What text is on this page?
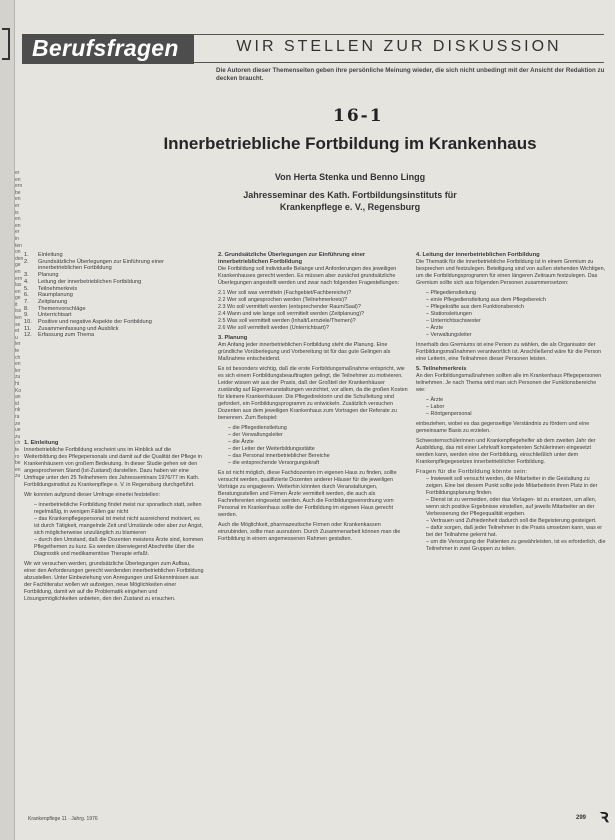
er
en
ern
be
en
er
is
en
en
er
in
ten
on
den
ge
en
ern
las
en
ge
it
iss
ien
se
et
u
ler
te
ch
en
ler
zu
ht
Ko
an
id
nk
ra
ze
ue
zu
ch
te
ro
be
en
zu
Berufsfragen	WIR STELLEN ZUR DISKUSSION
Die Autoren dieser Themenseiten geben ihre persönliche Meinung wieder, die sich nicht unbedingt mit der Ansicht der Redaktion zu decken braucht.
16-1
Innerbetriebliche Fortbildung im Krankenhaus
Von Herta Stenka und Benno Lingg
Jahresseminar des Kath. Fortbildungsinstituts für
Krankenpflege e. V., Regensburg
1.	Einleitung
2.	Grundsätzliche Überlegungen zur Einführung einer innerbetrieblichen Fortbildung
3.	Planung
4.	Leitung der innerbetrieblichen Fortbildung
5.	Teilnehmerkreis
6.	Raumplanung
7.	Zeitplanung
8.	Themenvorschläge
9.	Unterrichtsart
10.	Positive und negative Aspekte der Fortbildung
11.	Zusammenfassung und Ausblick
12.	Erfassung zum Thema
1. Einleitung

Innerbetriebliche Fortbildung erscheint uns im Hinblick auf die Weiterbildung des Pflegepersonals und damit auf die Qualität der Pflege in Krankenhäusern von großem Bedeutung. In dieser Studie gehen wir den angesprochenen Stand (Ist-Zustand) darstellen. Dazu haben wir eine Umfrage unter den 25 Teilnehmern des Jahresseminars 1976/77 im Kath. Fortbildungsinstitut zu Krankenpflege e. V. in Regensburg durchgeführt.

Wir konnten aufgrund dieser Umfrage einerlei feststellen:

– innerbetriebliche Fortbildung findet meist nur sporadisch statt, selten regelmäßig, in wenigen Fällen gar nicht
– das Krankenpflegepersonal ist meist nicht ausreichend motiviert, es ist durch Tätigkeit, mangelnde Zeit und Umstände oder aber zur Angst, sich möglicherweise unzulänglich zu blamieren
– durch den Umstand, daß die Dozenten meistens Ärzte sind, kommen Pflegethemen zu kurz. Es werden überwiegend Abschnitte über die Diagnostik und medikamentöse Therapie erfaßt.

Wir wir versuchen werden, grundsätzliche Überlegungen zum Aufbau, einer den Anforderungen gerecht werdenden innerbetrieblichen Fortbildung abzustellen. Unter Einbeziehung von Anregungen und Erkenntnissen aus der Fachliteratur wollen wir aufzeigen, neue Möglichkeiten einer Fortbildung, damit wir auf die Problematik eingehen und Lösungsmöglichkeiten anbieten, den den Zustand zu ersuchen.

2. Grundsätzliche Überlegungen zur Einführung einer innerbetrieblichen Fortbildung

Die Fortbildung soll individuelle Belange und Anforderungen des jeweiligen Krankenhauses gerecht werden. Es müssen aber zunächst grundsätzliche Überlegungen angestellt werden und zwar nach folgenden Fragestellungen:

2.1 Wer soll was vermitteln (Fachgebiet/Fachbereiche)?
2.2 Wer soll angesprochen werden (Teilnehmerkreis)?
2.3 Wo soll vermittelt werden (entsprechender Raum/Saal)?
2.4 Wann und wie lange soll vermittelt werden (Zeitplanung)?
2.5 Was soll vermittelt werden (Inhalt/Lernziele/Themen)?
2.6 Wie soll vermittelt werden (Unterrichtsart)?
3. Planung

Am Anfang jeder innerbetrieblichen Fortbildung steht die Planung. Eine gründliche Vorüberlegung und Vorbereitung ist für das gute Gelingen als Maßnahme entscheidend.

Es ist besonders wichtig, daß die erste Fortbildungsmaßnahme entspricht, wie es sich einem Fortbildungsbeauftragten gelingt, die Teilnehmer zu motivieren. Leider wissen wir aus der Praxis, daß der Großteil der Krankenhäuser zuständig auf Eigenveranstaltungen verzichtet, vor allem, da die großen Kosten für kleinere Krankenhäuser. Die Pflegedirektorin und die Schulleitung sind gefordert, ein Fortbildungsprogramm zu entwickeln. Zusätzlich versuchen Dozenten aus dem jeweiligen Krankenhaus zum Vortragen der Referate zu benennen. Zum Beispiel:

– die Pflegedienstleitung
– der Verwaltungsleiter
– die Ärzte
– der Leiter der Weiterbildungsstätte
– das Personal innerbetrieblicher Bereiche
– die entsprechende Versorgungskraft

Es ist nicht möglich, diese Fachdozenten im eigenen Haus zu finden, sollte versucht werden, qualifizierte Dozenten anderer Häuser für die jeweiligen Vorträge zu engagieren. Weiterhin könnten durch Veranstaltungen, Beratungsstellen und Firmen Ärzte vermittelt werden, die auch als Fachreferenten eingesetzt werden. Auch die Fortbildungsverordnung vom Personal im Krankenhaus sollte der Fortbildung im eigenen Haus gerecht werden.

Auch die Möglichkeit, pharmazeutische Firmen oder Krankenkassen einzubinden, sollte man ausnutzen. Durch Zusammenarbeit können man die Fortbildung in einem angemessenen Rahmen gestalten.

4. Leitung der innerbetrieblichen Fortbildung

Die Thematik für die innerbetriebliche Fortbildung ist in einem Gremium zu besprechen und festzulegen. Beteiligung sind von außen stehenden Wichtigen, um die Fortbildungsprogramm für einen längeren Zeitraum festzulegen. Das Gremium sollte sich aus folgenden Personen zusammensetzen:

– Pflegedienstleitung
– ein/e Pflegedienstleitung aus dem Pflegebereich
– Pflegekräfte aus dem Funktionsbereich
– Stationsleitungen
– Unterrichtsschwester
– Ärzte
– Verwaltungsleiter

Innerhalb des Gremiums ist eine Person zu wählen, die als Organisator der Fortbildungsmaßnahmen verantwortlich ist. Anschließend wäre für die Person eine Leiterin, eine Teilnahmen dieser Personen leisten.

5. Teilnehmerkreis

An den Fortbildungsmaßnahmen sollten alle im Krankenhaus Pflegepersonen teilnehmen. Je nach Thema wird man sich Personen der Funktionsbereiche wie:

– Ärzte
– Labor
– Röntgenpersonal

einbeziehen, wobei es das gegenseitige Verständnis zu fördern und eine gemeinsame Basis zu erzielen.

Schwesternschülerinnen und Krankenpflegehelfer ab dem zweiten Jahr der Ausbildung, das mit einer Lehrkraft kompetenten Schülerinnen eingesetzt werden kann, werden eine der Fortbildung, einschließlich unter dem Krankenpflegegesetzes innerbetrieblicher Fortbildung.

Fragen für die Fortbildung könnte sein:
– Inwieweit soll versucht werden, die Mitarbeiter in die Gestaltung zu zeigen. Eine bei diesem Punkt sollte jede Mitarbeiterin ihren Platz in der Fortbildungsplanung finden.
– Dienst ist zu vermeiden, oder das Vorlagen- ist zu ersetzen, um allen, wenn sich positive Ergebnisse einstellen, auf jeweils Mitarbeiter an der Verbesserung der Pflegequalität ergeben.
– Vertrauen und Zufriedenheit dadurch soll die Begeisterung gesteigert.
– dafür sorgen, daß jeder Teilnehmer in die Praxis umsetzen kann, was er bei der Teilnahme gelernt hat.
– um die Versorgung der Patienten zu gewährleisten, ist es erforderlich, die Teilnehmer in zwei Gruppen zu teilen.
Krankenpflege 11 · Jahrg. 1976	299 ꝛ
